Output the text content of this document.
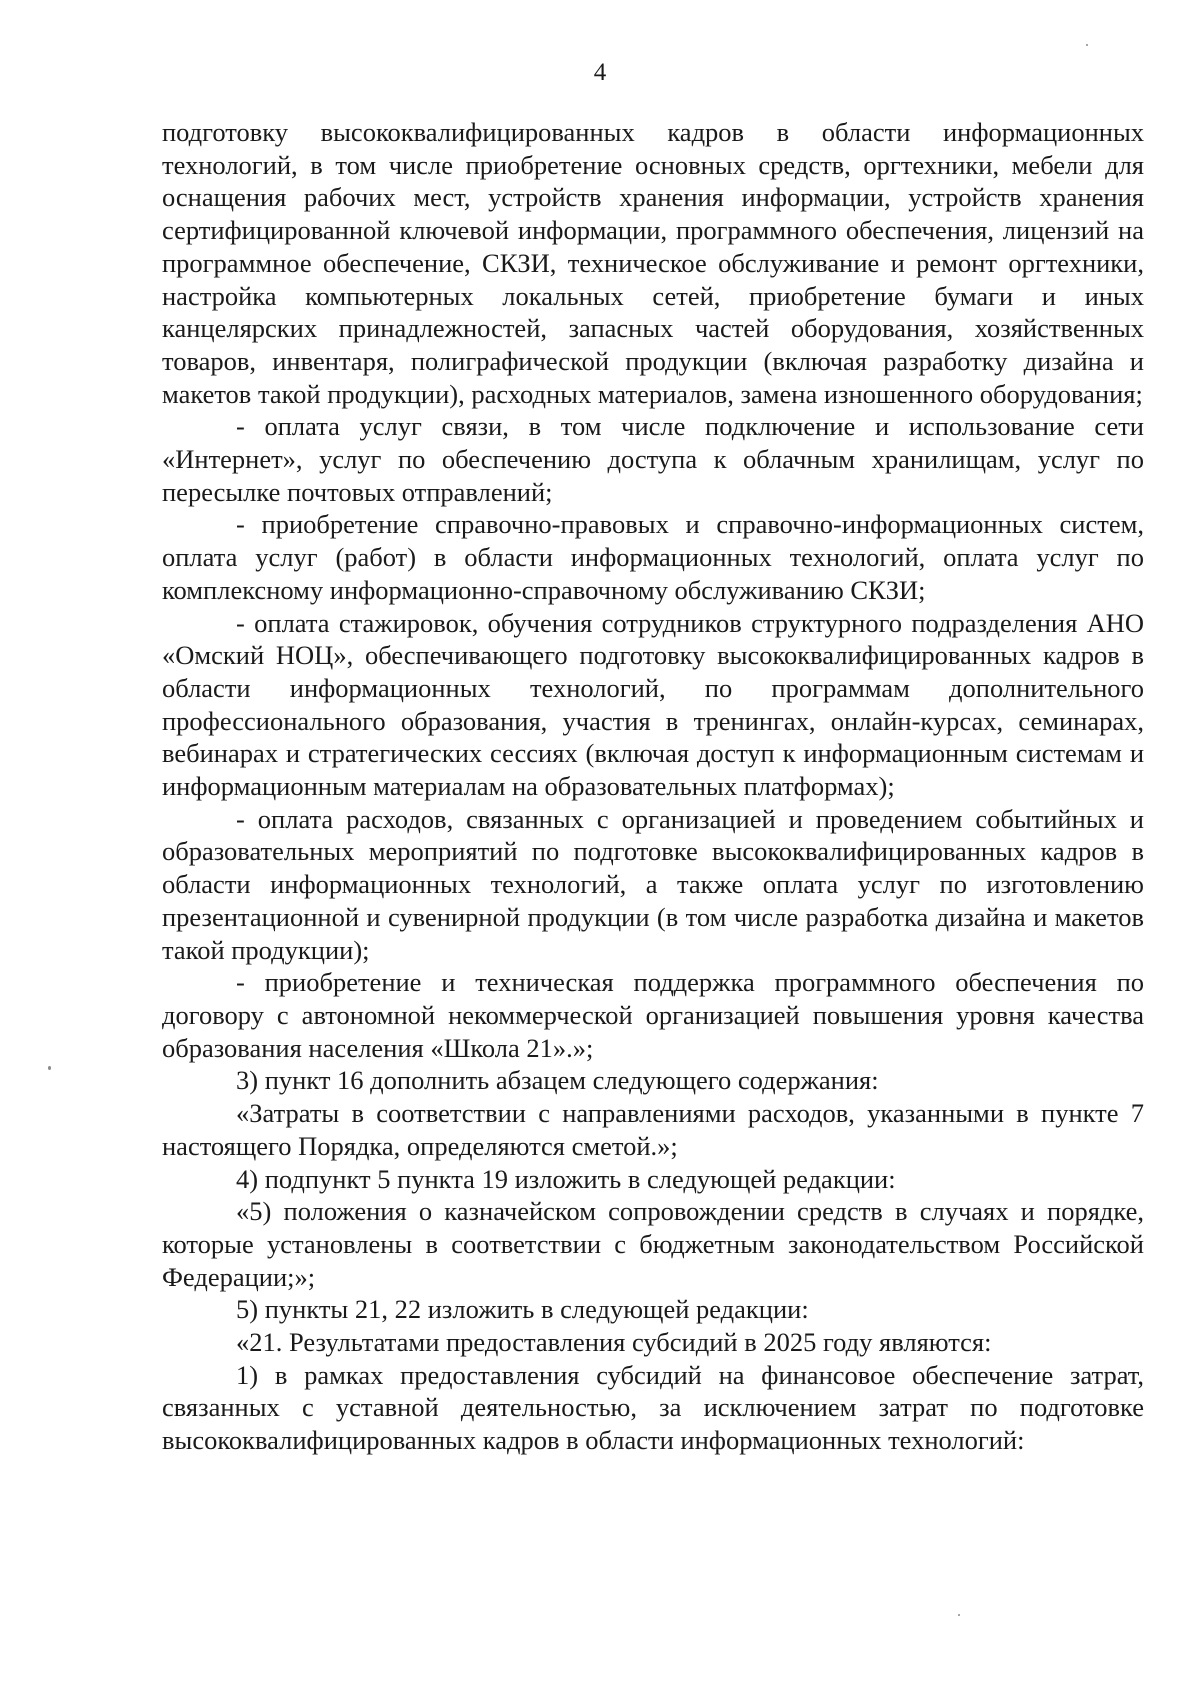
4

подготовку высококвалифицированных кадров в области информационных технологий, в том числе приобретение основных средств, оргтехники, мебели для оснащения рабочих мест, устройств хранения информации, устройств хранения сертифицированной ключевой информации, программного обеспечения, лицензий на программное обеспечение, СКЗИ, техническое обслуживание и ремонт оргтехники, настройка компьютерных локальных сетей, приобретение бумаги и иных канцелярских принадлежностей, запасных частей оборудования, хозяйственных товаров, инвентаря, полиграфической продукции (включая разработку дизайна и макетов такой продукции), расходных материалов, замена изношенного оборудования;

- оплата услуг связи, в том числе подключение и использование сети «Интернет», услуг по обеспечению доступа к облачным хранилищам, услуг по пересылке почтовых отправлений;

- приобретение справочно-правовых и справочно-информационных систем, оплата услуг (работ) в области информационных технологий, оплата услуг по комплексному информационно-справочному обслуживанию СКЗИ;

- оплата стажировок, обучения сотрудников структурного подразделения АНО «Омский НОЦ», обеспечивающего подготовку высококвалифицированных кадров в области информационных технологий, по программам дополнительного профессионального образования, участия в тренингах, онлайн-курсах, семинарах, вебинарах и стратегических сессиях (включая доступ к информационным системам и информационным материалам на образовательных платформах);

- оплата расходов, связанных с организацией и проведением событийных и образовательных мероприятий по подготовке высококвалифицированных кадров в области информационных технологий, а также оплата услуг по изготовлению презентационной и сувенирной продукции (в том числе разработка дизайна и макетов такой продукции);

- приобретение и техническая поддержка программного обеспечения по договору с автономной некоммерческой организацией повышения уровня качества образования населения «Школа 21».»;

3) пункт 16 дополнить абзацем следующего содержания:

«Затраты в соответствии с направлениями расходов, указанными в пункте 7 настоящего Порядка, определяются сметой.»;

4) подпункт 5 пункта 19 изложить в следующей редакции:

«5) положения о казначейском сопровождении средств в случаях и порядке, которые установлены в соответствии с бюджетным законодательством Российской Федерации;»;

5) пункты 21, 22 изложить в следующей редакции:

«21. Результатами предоставления субсидий в 2025 году являются:

1) в рамках предоставления субсидий на финансовое обеспечение затрат, связанных с уставной деятельностью, за исключением затрат по подготовке высококвалифицированных кадров в области информационных технологий:
